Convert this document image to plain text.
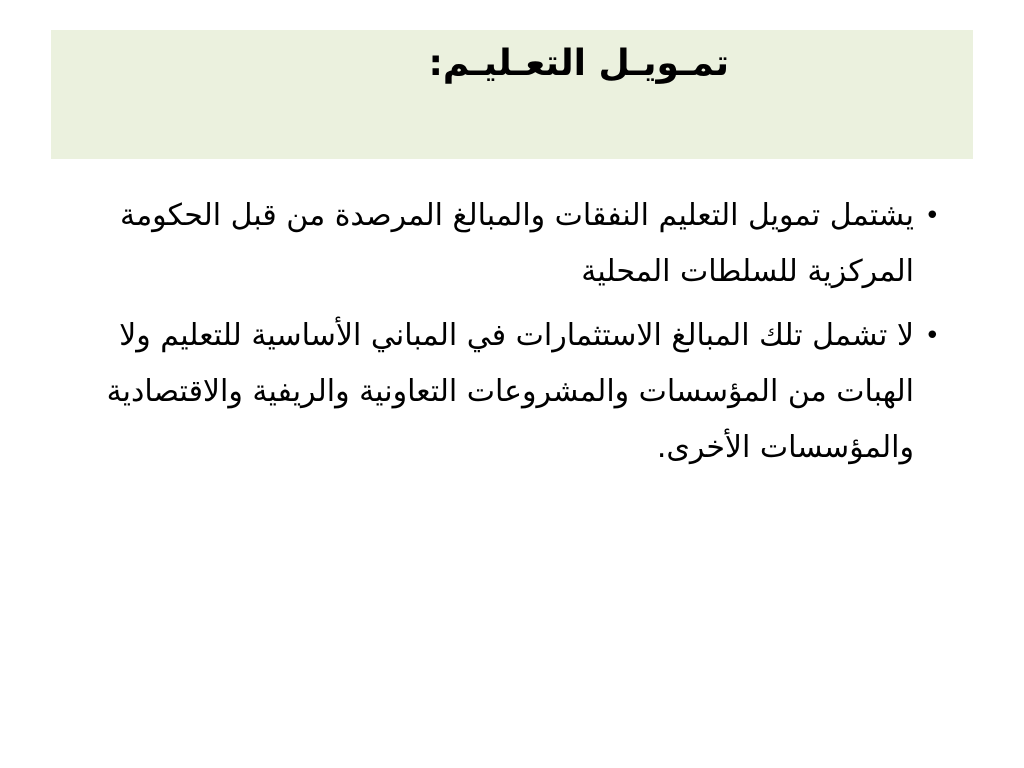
تمـويـل التعـليـم:
•
يشتمل تمويل التعليم النفقات والمبالغ المرصدة من قبل الحكومة المركزية للسلطات المحلية
•
لا تشمل تلك المبالغ الاستثمارات في المباني الأساسية للتعليم ولا الهبات من المؤسسات والمشروعات التعاونية والريفية والاقتصادية والمؤسسات الأخرى.
